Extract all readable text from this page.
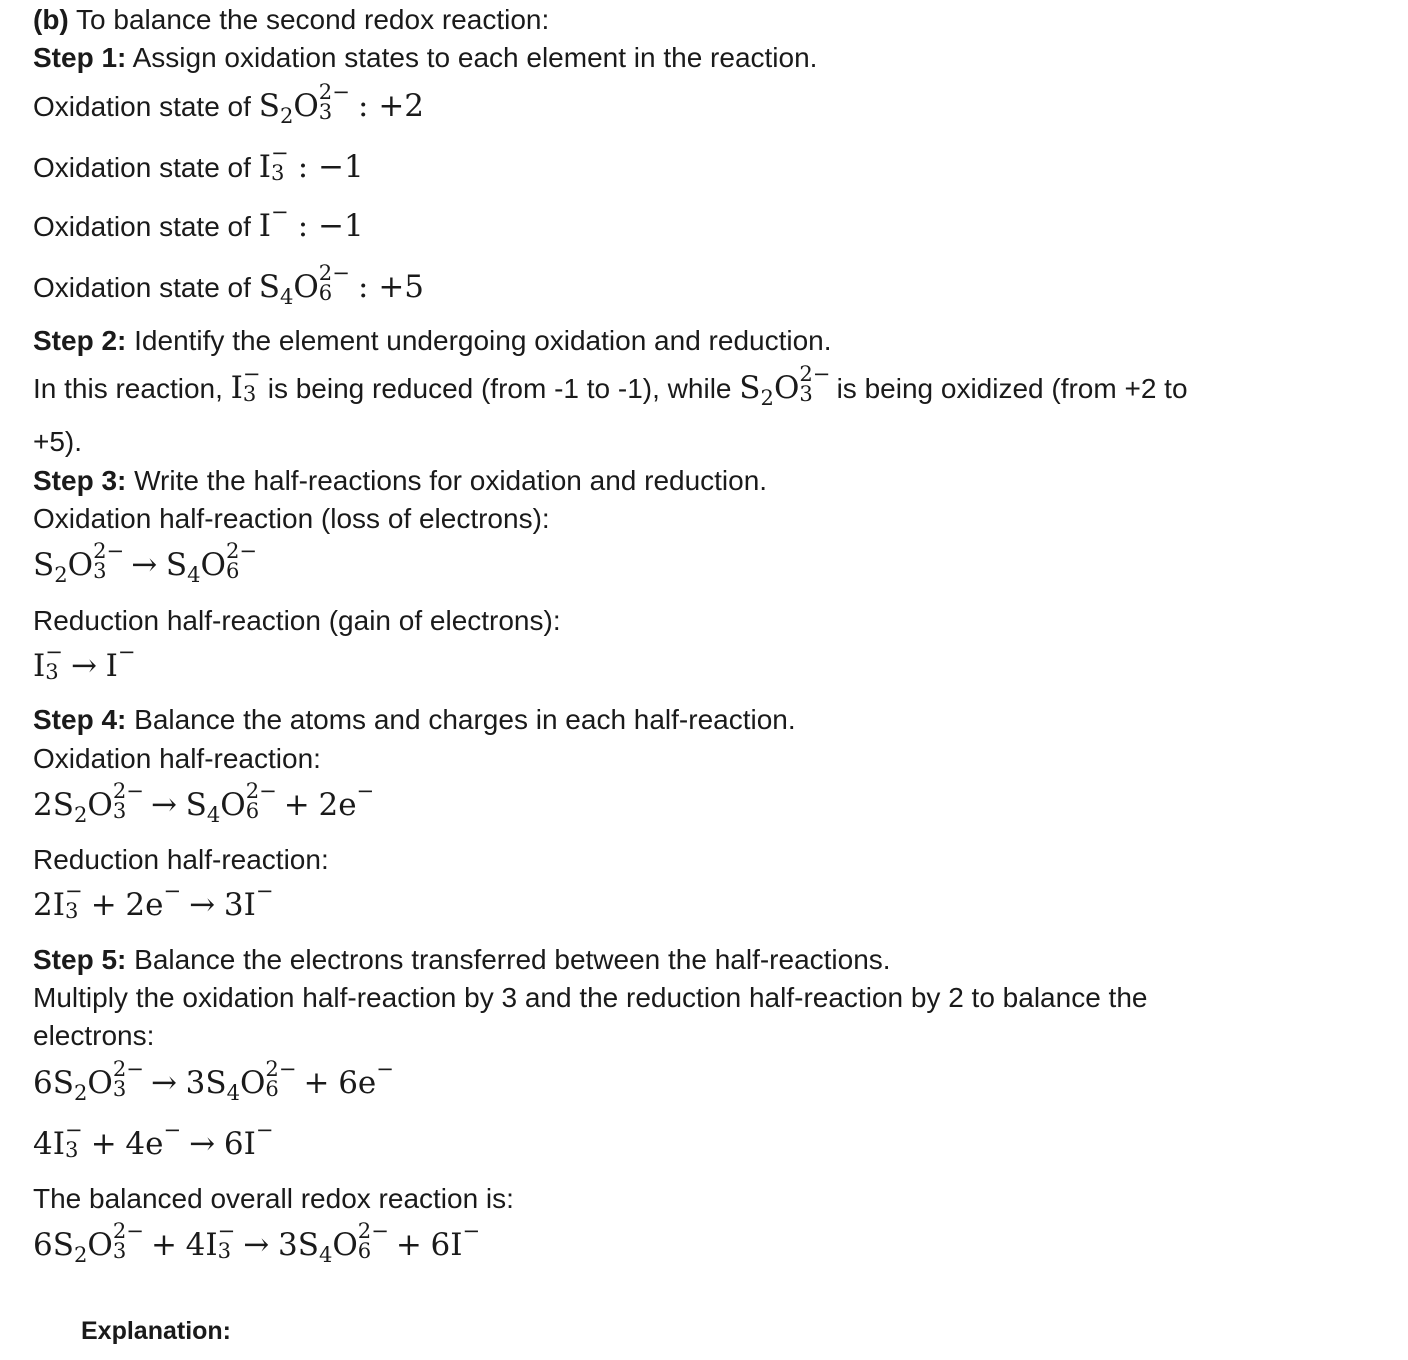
(b) To balance the second redox reaction:
Step 1: Assign oxidation states to each element in the reaction.
Oxidation state of $S_2O$ 2−
3 : +2
Oxidation state of I −
3 : −1
Oxidation state of I − : −1
Oxidation state of $S_4O$ 2−
6 : +5
Step 2: Identify the element undergoing oxidation and reduction.
In this reaction, I −
3 is being reduced (from -1 to -1), while $S_2O$ 2−
3 is being oxidized (from +2 to
+5).
Step 3: Write the half-reactions for oxidation and reduction.
Oxidation half-reaction (loss of electrons):
$S_2O$ 2−
$3 \to S_4O$ 2−
6
Reduction half-reaction (gain of electrons):
I −
3 → I −
Step 4: Balance the atoms and charges in each half-reaction.
Oxidation half-reaction:
$2S_2O$ 2−
$3 \to S_4O$ 2−
6 + 2e −
Reduction half-reaction:
2I −
3 + 2e − → 3I −
Step 5: Balance the electrons transferred between the half-reactions.
Multiply the oxidation half-reaction by 3 and the reduction half-reaction by 2 to balance the
electrons:
$6S_2O$ 2−
$3 \to 3S_4O$ 2−
6 + 6e −
4I −
3 + 4e − → 6I −
The balanced overall redox reaction is:
$6S_2O$ 2−
3 + 4I −
$3 \to 3S_4O$ 2−
6 + 6I −
Explanation:
